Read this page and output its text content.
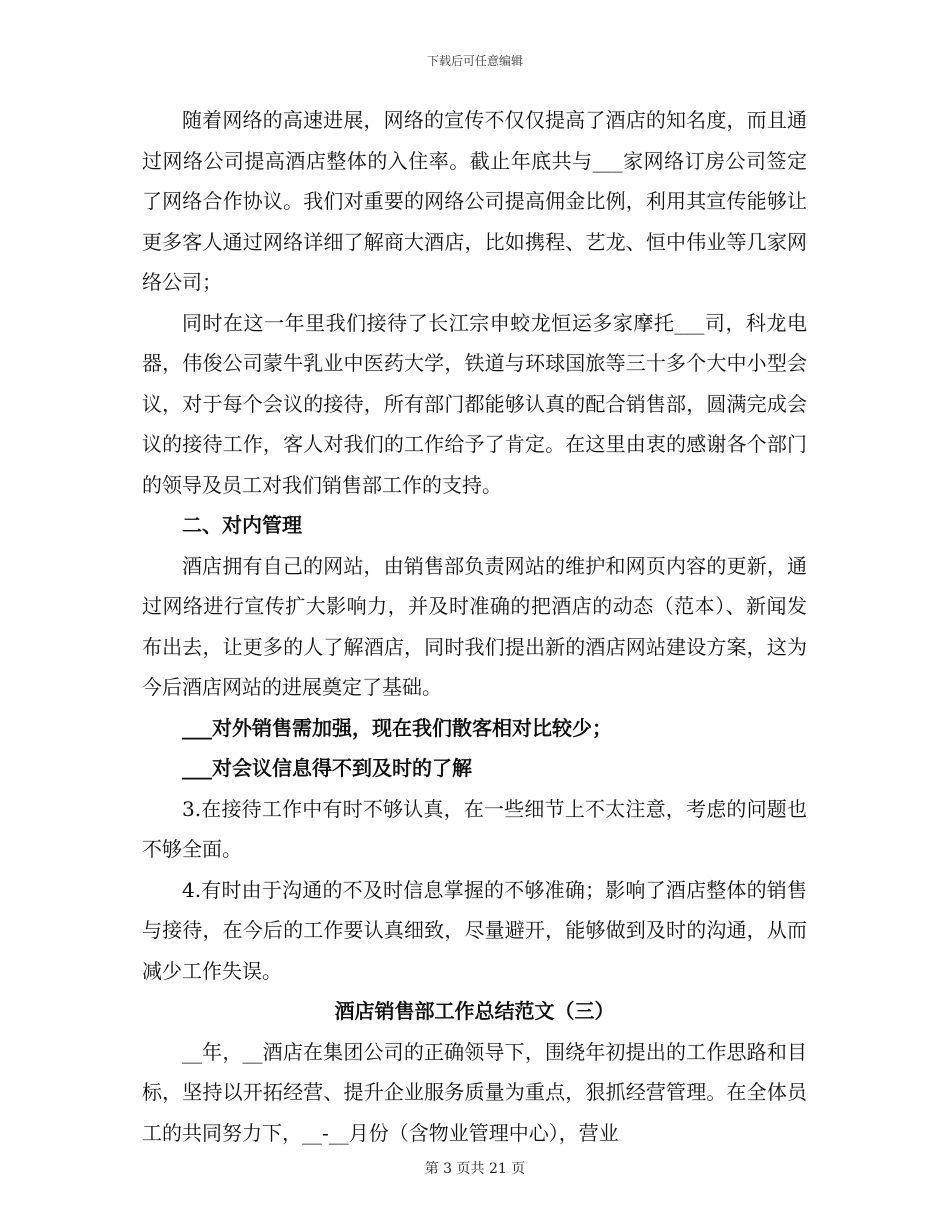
下载后可任意编辑

随着网络的高速进展，网络的宣传不仅仅提高了酒店的知名度，而且通过网络公司提高酒店整体的入住率。截止年底共与___家网络订房公司签定了网络合作协议。我们对重要的网络公司提高佣金比例，利用其宣传能够让更多客人通过网络详细了解商大酒店，比如携程、艺龙、恒中伟业等几家网络公司；

同时在这一年里我们接待了长江宗申蛟龙恒运多家摩托___司，科龙电器，伟俊公司蒙牛乳业中医药大学，铁道与环球国旅等三十多个大中小型会议，对于每个会议的接待，所有部门都能够认真的配合销售部，圆满完成会议的接待工作，客人对我们的工作给予了肯定。在这里由衷的感谢各个部门的领导及员工对我们销售部工作的支持。

二、对内管理

酒店拥有自己的网站，由销售部负责网站的维护和网页内容的更新，通过网络进行宣传扩大影响力，并及时准确的把酒店的动态（范本）、新闻发布出去，让更多的人了解酒店，同时我们提出新的酒店网站建设方案，这为今后酒店网站的进展奠定了基础。

___对外销售需加强，现在我们散客相对比较少；

___对会议信息得不到及时的了解

3.在接待工作中有时不够认真，在一些细节上不太注意，考虑的问题也不够全面。

4.有时由于沟通的不及时信息掌握的不够准确；影响了酒店整体的销售与接待，在今后的工作要认真细致，尽量避开，能够做到及时的沟通，从而减少工作失误。

酒店销售部工作总结范文（三）

__年，__酒店在集团公司的正确领导下，围绕年初提出的工作思路和目标，坚持以开拓经营、提升企业服务质量为重点，狠抓经营管理。在全体员工的共同努力下，__-__月份（含物业管理中心），营业

第 3 页共 21 页
